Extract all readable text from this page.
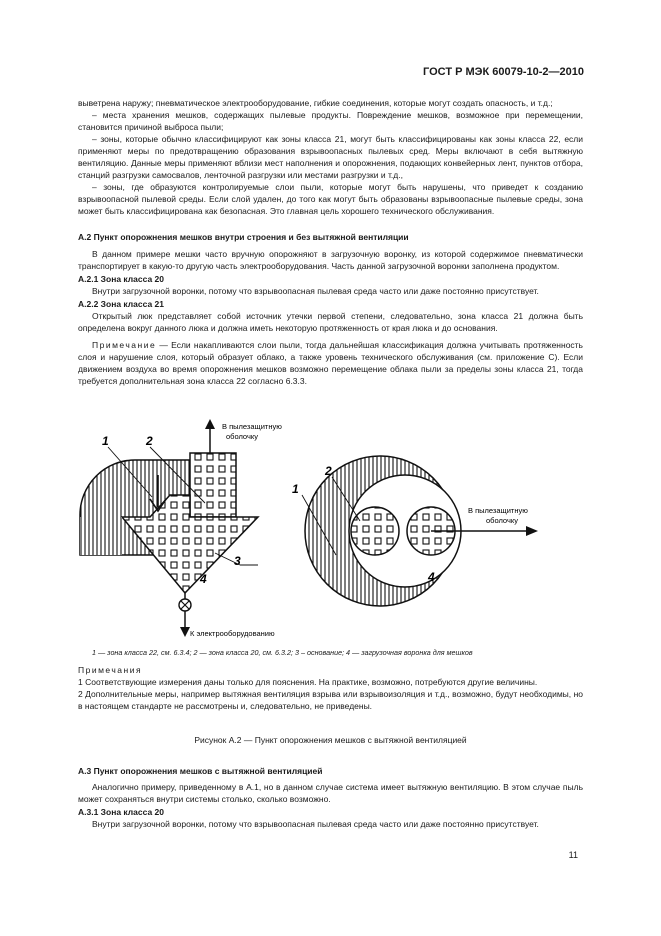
ГОСТ Р МЭК 60079-10-2—2010

выветрена наружу; пневматическое электрооборудование, гибкие соединения, которые могут создать опасность, и т.д.;

– места хранения мешков, содержащих пылевые продукты. Повреждение мешков, возможное при перемещении, становится причиной выброса пыли;

– зоны, которые обычно классифицируют как зоны класса 21, могут быть классифицированы как зоны класса 22, если применяют меры по предотвращению образования взрывоопасных пылевых сред. Меры включают в себя вытяжную вентиляцию. Данные меры применяют вблизи мест наполнения и опорожнения, подающих конвейерных лент, пунктов отбора, станций разгрузки самосвалов, ленточной разгрузки или местами разгрузки и т.д.,

– зоны, где образуются контролируемые слои пыли, которые могут быть нарушены, что приведет к созданию взрывоопасной пылевой среды. Если слой удален, до того как могут быть образованы взрывоопасные пылевые среды, зона может быть классифицирована как безопасная. Это главная цель хорошего технического обслуживания.

А.2 Пункт опорожнения мешков внутри строения и без вытяжной вентиляции

В данном примере мешки часто вручную опорожняют в загрузочную воронку, из которой содержимое пневматически транспортирует в какую-то другую часть электрооборудования. Часть данной загрузочной воронки заполнена продуктом.

А.2.1 Зона класса 20

Внутри загрузочной воронки, потому что взрывоопасная пылевая среда часто или даже постоянно присутствует.

А.2.2 Зона класса 21

Открытый люк представляет собой источник утечки первой степени, следовательно, зона класса 21 должна быть определена вокруг данного люка и должна иметь некоторую протяженность от края люка и до основания.

Примечание — Если накапливаются слои пыли, тогда дальнейшая классификация должна учитывать протяженность слоя и нарушение слоя, который образует облако, а также уровень технического обслуживания (см. приложение С). Если движением воздуха во время опорожнения мешков возможно перемещение облака пыли за пределы зоны класса 21, тогда требуется дополнительная зона класса 22 согласно 6.3.3.

1	2
3
4
В пылезащитную
оболочку
К электрооборудованию
1
2
4
В пылезащитную
оболочку
1 — зона класса 22, см. 6.3.4; 2 — зона класса 20, см. 6.3.2; 3 – основание; 4 — загрузочная воронка для мешков

Примечания

1 Соответствующие измерения даны только для пояснения. На практике, возможно, потребуются другие величины.

2 Дополнительные меры, например вытяжная вентиляция взрыва или взрывоизоляция и т.д., возможно, будут необходимы, но в настоящем стандарте не рассмотрены и, следовательно, не приведены.

Рисунок А.2 — Пункт опорожнения мешков с вытяжной вентиляцией

А.3 Пункт опорожнения мешков с вытяжной вентиляцией

Аналогично примеру, приведенному в А.1, но в данном случае система имеет вытяжную вентиляцию. В этом случае пыль может сохраняться внутри системы столько, сколько возможно.

А.3.1 Зона класса 20

Внутри загрузочной воронки, потому что взрывоопасная пылевая среда часто или даже постоянно присутствует.

11
